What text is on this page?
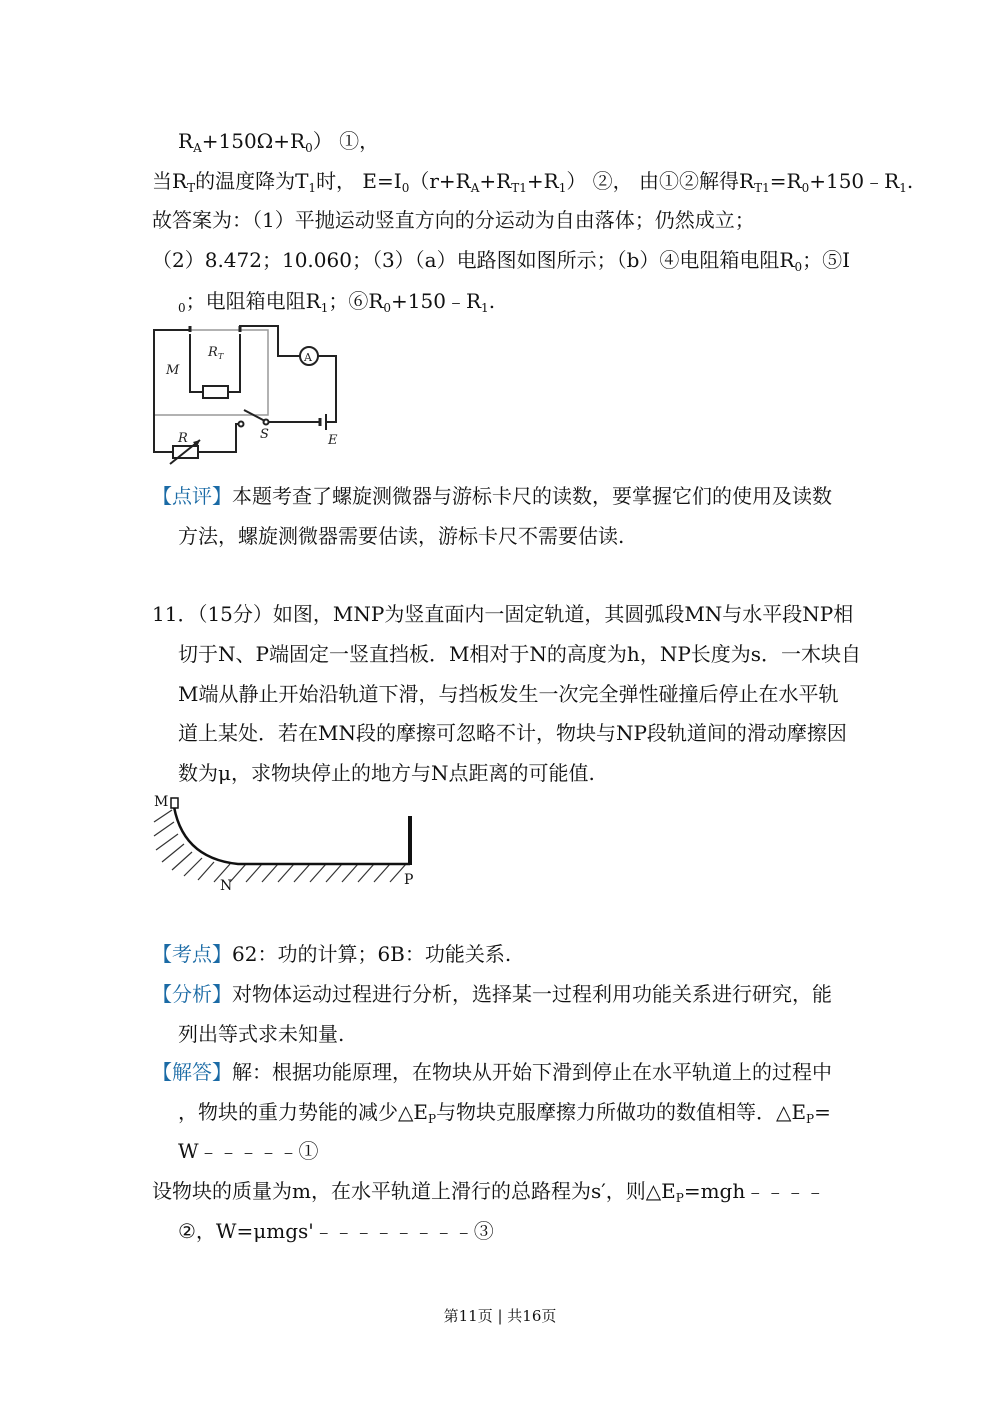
$R_A+150\Omega+R_0$） ①，
当$R_T$的温度降为$T_1$时， $E=I_0(r+R_A+R_{T1}+R_1)$ ②， 由①②解得$R_{T1}=R_0+150﹣R_1$.
故答案为：（1）平抛运动竖直方向的分运动为自由落体；仍然成立；
（2）8.472；10.060；（3）（a）电路图如图所示；（b）④电阻箱电阻$R_0$；⑤I
$_0$；电阻箱电阻$R_1$；$⑥R_0+150﹣R_1$.
M
R T	A
S	E
R
【点评】本题考查了螺旋测微器与游标卡尺的读数，要掌握它们的使用及读数
方法，螺旋测微器需要估读，游标卡尺不需要估读.
11．（15分）如图，MNP为竖直面内一固定轨道，其圆弧段MN与水平段NP相
切于N、P端固定一竖直挡板．M相对于N的高度为h，NP长度为s．一木块自
M端从静止开始沿轨道下滑，与挡板发生一次完全弹性碰撞后停止在水平轨
道上某处．若在MN段的摩擦可忽略不计，物块与NP段轨道间的滑动摩擦因
数为μ，求物块停止的地方与N点距离的可能值.
M
N	P
【考点】62：功的计算；6B：功能关系.
【分析】对物体运动过程进行分析，选择某一过程利用功能关系进行研究，能
列出等式求未知量.
【解答】解：根据功能原理，在物块从开始下滑到停止在水平轨道上的过程中
，物块的重力势能的减少$\triangle E_P$与物块克服摩擦力所做功的数值相等．$\triangle E_P=$
W﹣﹣﹣﹣﹣①
设物块的质量为m，在水平轨道上滑行的总路程为s′，则$\triangle E_P=mgh﹣﹣﹣﹣$
②，W=μmgs'﹣﹣﹣﹣﹣﹣﹣﹣③
第11页 | 共16页
